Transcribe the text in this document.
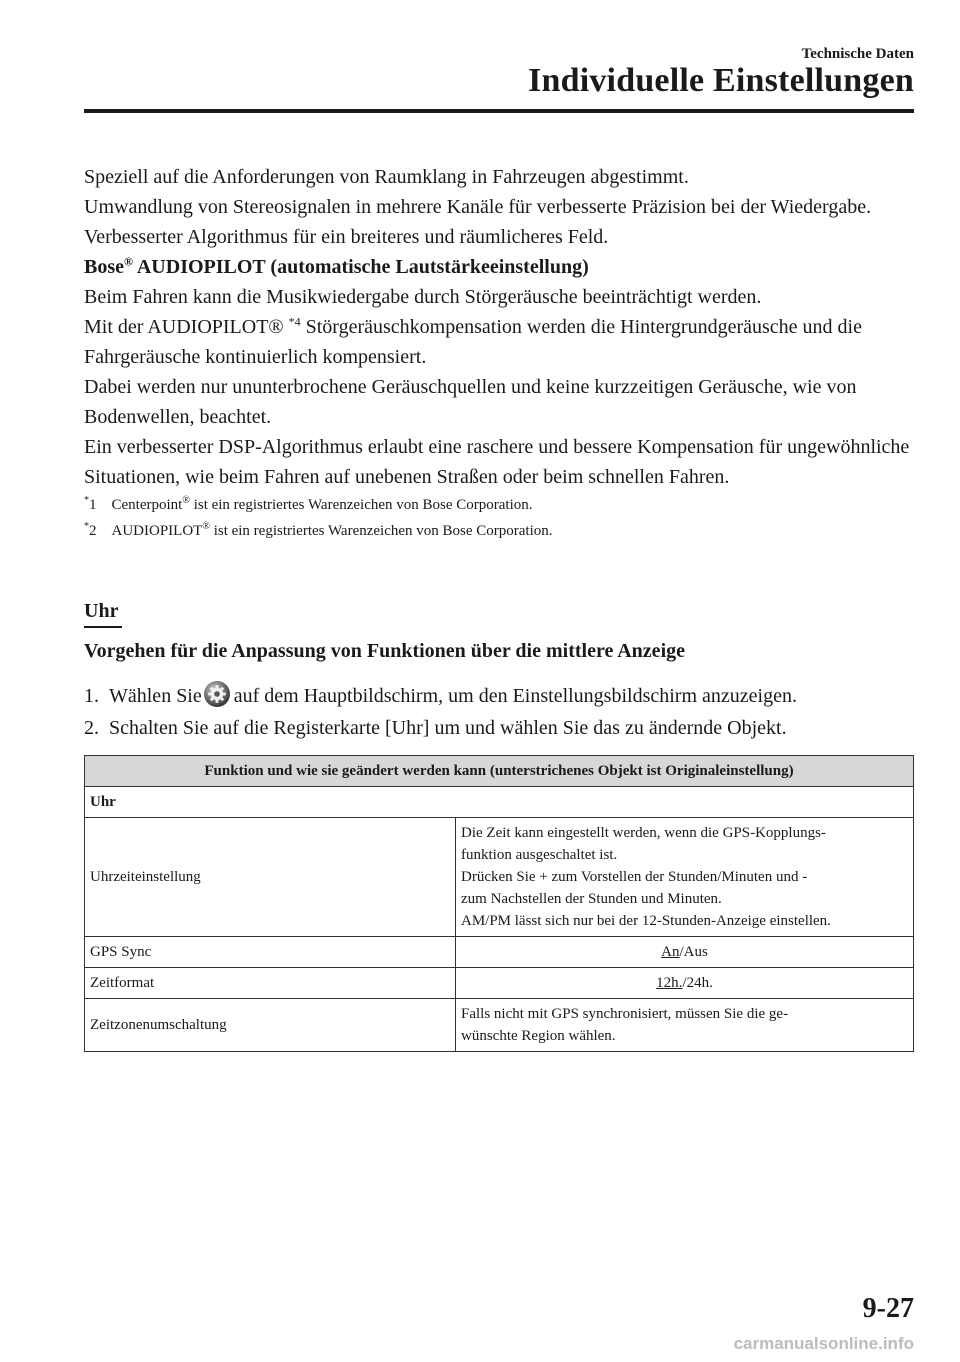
Technische Daten
Individuelle Einstellungen

Speziell auf die Anforderungen von Raumklang in Fahrzeugen abgestimmt.

Umwandlung von Stereosignalen in mehrere Kanäle für verbesserte Präzision bei der Wiedergabe.

Verbesserter Algorithmus für ein breiteres und räumlicheres Feld.

Bose® AUDIOPILOT (automatische Lautstärkeeinstellung)

Beim Fahren kann die Musikwiedergabe durch Störgeräusche beeinträchtigt werden.

Mit der AUDIOPILOT® $^{*4}$ Störgeräuschkompensation werden die Hintergrundgeräusche und die Fahrgeräusche kontinuierlich kompensiert.

Dabei werden nur ununterbrochene Geräuschquellen und keine kurzzeitigen Geräusche, wie von Bodenwellen, beachtet.

Ein verbesserter DSP-Algorithmus erlaubt eine raschere und bessere Kompensation für ungewöhnliche Situationen, wie beim Fahren auf unebenen Straßen oder beim schnellen Fahren.

*1 Centerpoint® ist ein registriertes Warenzeichen von Bose Corporation.
*2 AUDIOPILOT® ist ein registriertes Warenzeichen von Bose Corporation.
Uhr
Vorgehen für die Anpassung von Funktionen über die mittlere Anzeige

1. Wählen Sie auf dem Hauptbildschirm, um den Einstellungsbildschirm anzuzeigen.

2. Schalten Sie auf die Registerkarte [Uhr] um und wählen Sie das zu ändernde Objekt.

Funktion und wie sie geändert werden kann (unterstrichenes Objekt ist Originaleinstellung)	
Uhr	
Uhrzeiteinstellung	Die Zeit kann eingestellt werden, wenn die GPS-Kopplungs-
funktion ausgeschaltet ist.
Drücken Sie + zum Vorstellen der Stunden/Minuten und -
zum Nachstellen der Stunden und Minuten.
AM/PM lässt sich nur bei der 12-Stunden-Anzeige einstellen.

GPS Sync	An/Aus
Zeitformat	12h./24h.
Zeitzonenumschaltung	Falls nicht mit GPS synchronisiert, müssen Sie die ge-
wünschte Region wählen.
9-27
carmanualsonline.info
